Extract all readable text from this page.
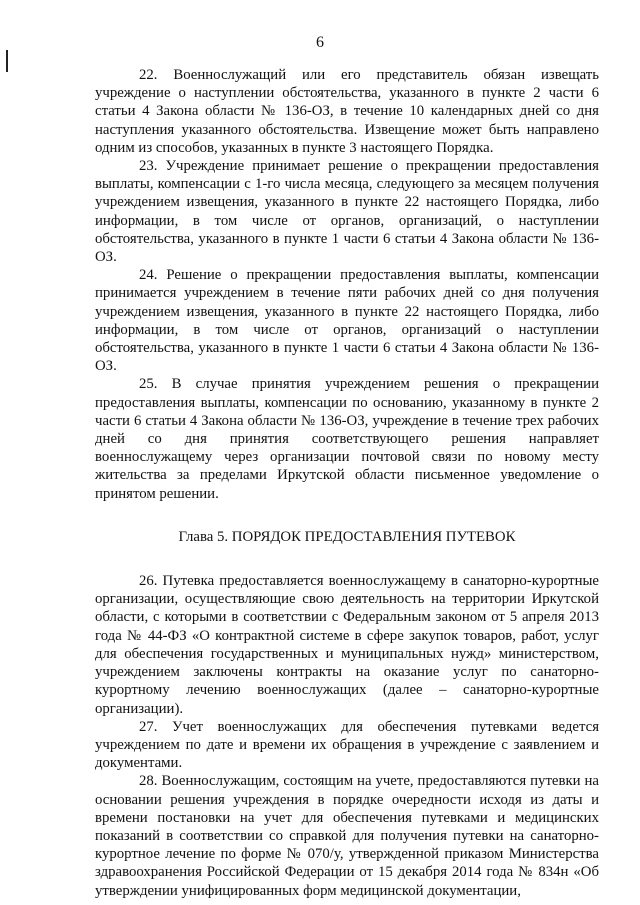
6

22. Военнослужащий или его представитель обязан извещать учреждение о наступлении обстоятельства, указанного в пункте 2 части 6 статьи 4 Закона области № 136-ОЗ, в течение 10 календарных дней со дня наступления указанного обстоятельства. Извещение может быть направлено одним из способов, указанных в пункте 3 настоящего Порядка.

23. Учреждение принимает решение о прекращении предоставления выплаты, компенсации с 1-го числа месяца, следующего за месяцем получения учреждением извещения, указанного в пункте 22 настоящего Порядка, либо информации, в том числе от органов, организаций, о наступлении обстоятельства, указанного в пункте 1 части 6 статьи 4 Закона области № 136-ОЗ.

24. Решение о прекращении предоставления выплаты, компенсации принимается учреждением в течение пяти рабочих дней со дня получения учреждением извещения, указанного в пункте 22 настоящего Порядка, либо информации, в том числе от органов, организаций о наступлении обстоятельства, указанного в пункте 1 части 6 статьи 4 Закона области № 136-ОЗ.

25. В случае принятия учреждением решения о прекращении предоставления выплаты, компенсации по основанию, указанному в пункте 2 части 6 статьи 4 Закона области № 136-ОЗ, учреждение в течение трех рабочих дней со дня принятия соответствующего решения направляет военнослужащему через организации почтовой связи по новому месту жительства за пределами Иркутской области письменное уведомление о принятом решении.

Глава 5. ПОРЯДОК ПРЕДОСТАВЛЕНИЯ ПУТЕВОК

26. Путевка предоставляется военнослужащему в санаторно-курортные организации, осуществляющие свою деятельность на территории Иркутской области, с которыми в соответствии с Федеральным законом от 5 апреля 2013 года № 44-ФЗ «О контрактной системе в сфере закупок товаров, работ, услуг для обеспечения государственных и муниципальных нужд» министерством, учреждением заключены контракты на оказание услуг по санаторно-курортному лечению военнослужащих (далее – санаторно-курортные организации).

27. Учет военнослужащих для обеспечения путевками ведется учреждением по дате и времени их обращения в учреждение с заявлением и документами.

28. Военнослужащим, состоящим на учете, предоставляются путевки на основании решения учреждения в порядке очередности исходя из даты и времени постановки на учет для обеспечения путевками и медицинских показаний в соответствии со справкой для получения путевки на санаторно-курортное лечение по форме № 070/у, утвержденной приказом Министерства здравоохранения Российской Федерации от 15 декабря 2014 года № 834н «Об утверждении унифицированных форм медицинской документации,
